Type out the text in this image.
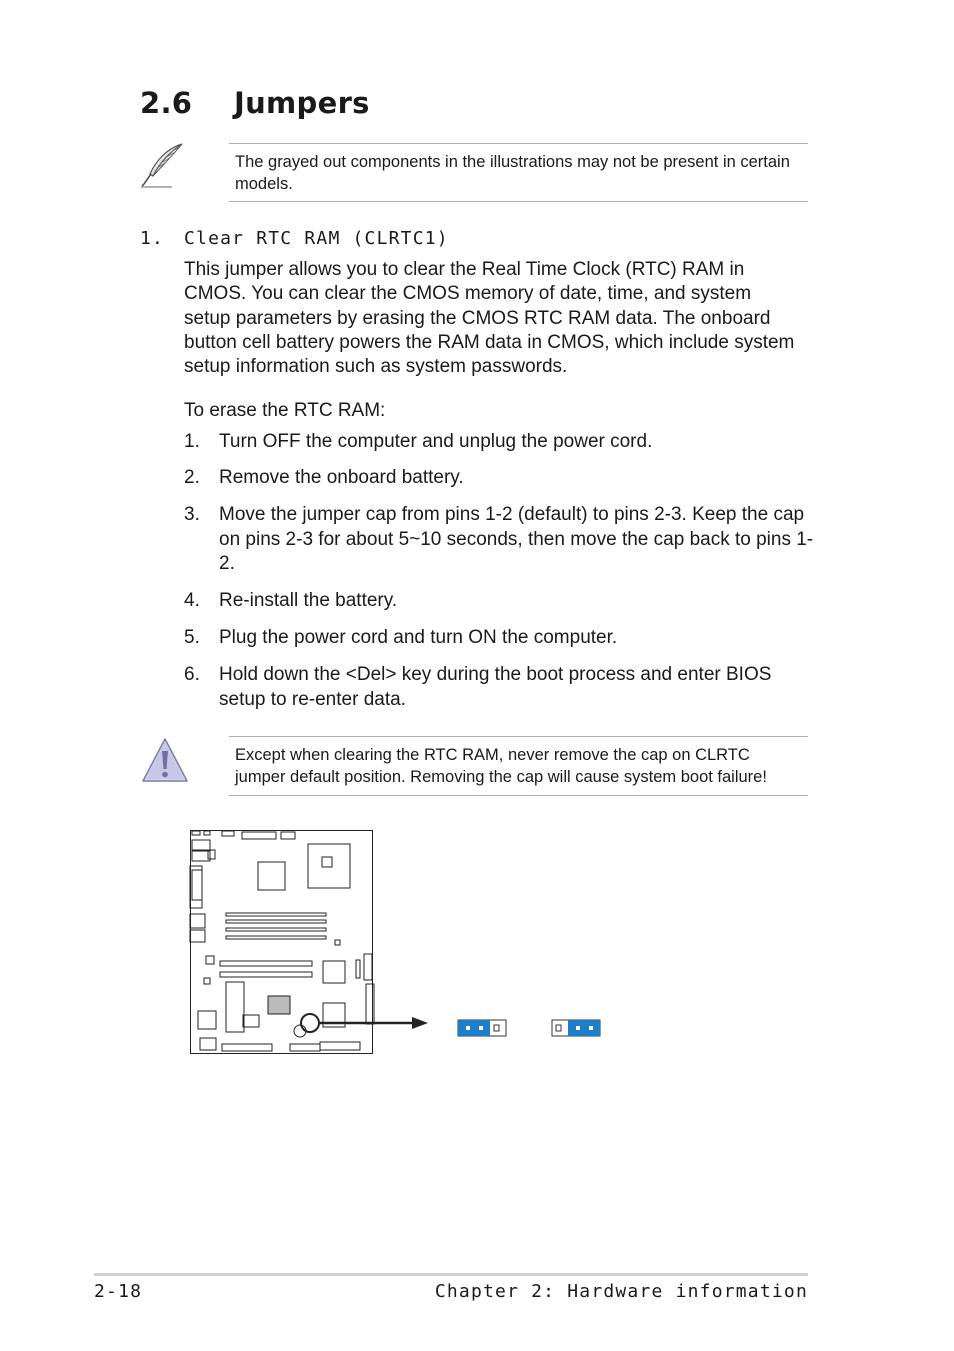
2.6 Jumpers
The grayed out components in the illustrations may not be present in certain models.
1. Clear RTC RAM (CLRTC1)
This jumper allows you to clear the Real Time Clock (RTC) RAM in CMOS. You can clear the CMOS memory of date, time, and system setup parameters by erasing the CMOS RTC RAM data. The onboard button cell battery powers the RAM data in CMOS, which include system setup information such as system passwords.
To erase the RTC RAM:
1.	Turn OFF the computer and unplug the power cord.
2.	Remove the onboard battery.
3.	Move the jumper cap from pins 1-2 (default) to pins 2-3. Keep the cap on pins 2-3 for about 5~10 seconds, then move the cap back to pins 1-2.
4.	Re-install the battery.
5.	Plug the power cord and turn ON the computer.
6.	Hold down the <Del> key during the boot process and enter BIOS setup to re-enter data.
Except when clearing the RTC RAM, never remove the cap on CLRTC jumper default position. Removing the cap will cause system boot failure!
2-18	Chapter 2: Hardware information
